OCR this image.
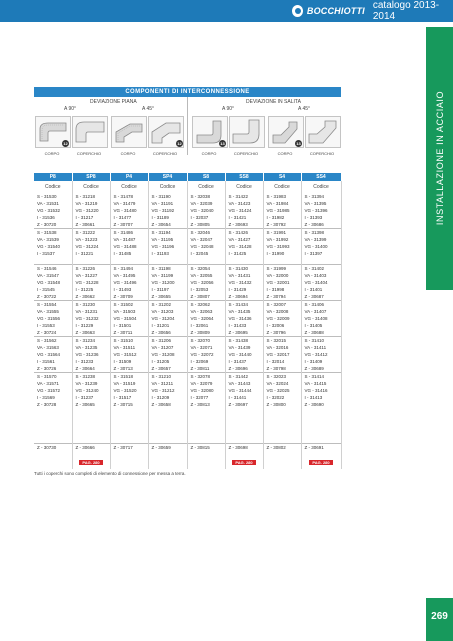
BOCCHIOTTI catalogo 2013-2014
INSTALLAZIONE IN ACCIAIO
COMPONENTI DI INTERCONNESSIONE
DEVIAZIONE PIANA	DEVIAZIONE IN SALITA
A 90°	A 45°	A 90°	A 45°
12	12	13	13
CORPO	COPERCHIO	CORPO	COPERCHIO	CORPO	COPERCHIO	CORPO	COPERCHIO
P8	SP8	P4	SP4	S8	SS8	S4	SS4
Codice	Codice	Codice	Codice	Codice	Codice	Codice	Codice
S - 31530	S - 31218	S - 31478	S - 31190	S - 32038	S - 31422	S - 31983	S - 31394
VA - 31531	VA - 31219	VA - 31479	VA - 31191	VA - 32039	VA - 31423	VA - 31984	VA - 31395
VG - 31532	VG - 31220	VG - 31480	VG - 31192	VG - 32040	VG - 31424	VG - 31985	VG - 31396
I - 31536	I - 31217	I - 31477	I - 31189	I - 32037	I - 31421	I - 31982	I - 31393
Z - 30720	Z - 30661	Z - 30707	Z - 30654	Z - 30805	Z - 30693	Z - 30792	Z - 30686
S - 31538	S - 31222	S - 31486	S - 31194	S - 32046	S - 31426	S - 31991	S - 31398
VA - 31539	VA - 31223	VA - 31487	VA - 31195	VA - 32047	VA - 31427	VA - 31992	VA - 31399
VG - 31540	VG - 31224	VG - 31488	VG - 31196	VG - 32048	VG - 31428	VG - 31993	VG - 31400
I - 31537	I - 31221	I - 31485	I - 31193	I - 32045	I - 31425	I - 31990	I - 31397

S - 31546	S - 31226	S - 31494	S - 31198	S - 32054	S - 31430	S - 31999	S - 31402
VA - 31547	VA - 31227	VA - 31495	VA - 31199	VA - 32055	VA - 31431	VA - 32000	VA - 31403
VG - 31548	VG - 31228	VG - 31496	VG - 31200	VG - 32056	VG - 31432	VG - 32001	VG - 31404
I - 31545	I - 31225	I - 31493	I - 31197	I - 32053	I - 31429	I - 31998	I - 31401
Z - 30722	Z - 30662	Z - 30709	Z - 30655	Z - 30807	Z - 30694	Z - 30794	Z - 30687
S - 31554	S - 31230	S - 31502	S - 31202	S - 32062	S - 31434	S - 32007	S - 31406
VA - 31555	VA - 31231	VA - 31503	VA - 31203	VA - 32063	VA - 31435	VA - 32008	VA - 31407
VG - 31556	VG - 31232	VG - 31504	VG - 31204	VG - 32064	VG - 31436	VG - 32009	VG - 31408
I - 31553	I - 31229	I - 31501	I - 31201	I - 32061	I - 31433	I - 32006	I - 31405
Z - 30724	Z - 30663	Z - 30711	Z - 30656	Z - 30809	Z - 30695	Z - 30796	Z - 30688
S - 31562	S - 31234	S - 31510	S - 31206	S - 32070	S - 31438	S - 32015	S - 31410
VA - 31563	VA - 31235	VA - 31511	VA - 31207	VA - 32071	VA - 31439	VA - 32016	VA - 31411
VG - 31564	VG - 31236	VG - 31512	VG - 31208	VG - 32072	VG - 31440	VG - 32017	VG - 31412
I - 31561	I - 31233	I - 31509	I - 31205	I - 32069	I - 31437	I - 32014	I - 31409
Z - 30726	Z - 30664	Z - 30713	Z - 30657	Z - 30811	Z - 30696	Z - 30798	Z - 30689
S - 31570	S - 31238	S - 31518	S - 31210	S - 32078	S - 31442	S - 32023	S - 31414
VA - 31571	VA - 31239	VA - 31519	VA - 31211	VA - 32079	VA - 31443	VA - 32024	VA - 31415
VG - 31572	VG - 31240	VG - 31520	VG - 31212	VG - 32080	VG - 31444	VG - 32025	VG - 31416
I - 31569	I - 31237	I - 31517	I - 31209	I - 32077	I - 31441	I - 32022	I - 31413
Z - 30728	Z - 30665	Z - 30715	Z - 30658	Z - 30813	Z - 30697	Z - 30800	Z - 30690

Z - 30730	Z - 30666	Z - 30717	Z - 30659	Z - 30815	Z - 30698	Z - 30802	Z - 30691
	PAG. 280				PAG. 280		PAG. 280
Tutti i coperchi sono completi di elemento di connessione per messa a terra.
269
